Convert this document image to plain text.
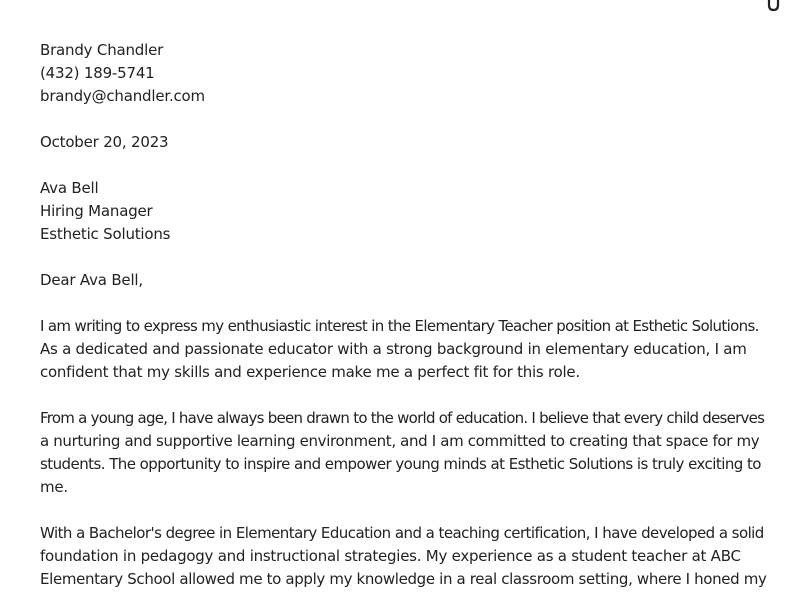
Brandy Chandler
(432) 189-5741
brandy@chandler.com
October 20, 2023
Ava Bell
Hiring Manager
Esthetic Solutions
Dear Ava Bell,
I am writing to express my enthusiastic interest in the Elementary Teacher position at Esthetic Solutions.
As a dedicated and passionate educator with a strong background in elementary education, I am
confident that my skills and experience make me a perfect fit for this role.
From a young age, I have always been drawn to the world of education. I believe that every child deserves
a nurturing and supportive learning environment, and I am committed to creating that space for my
students. The opportunity to inspire and empower young minds at Esthetic Solutions is truly exciting to
me.
With a Bachelor's degree in Elementary Education and a teaching certification, I have developed a solid
foundation in pedagogy and instructional strategies. My experience as a student teacher at ABC
Elementary School allowed me to apply my knowledge in a real classroom setting, where I honed my
